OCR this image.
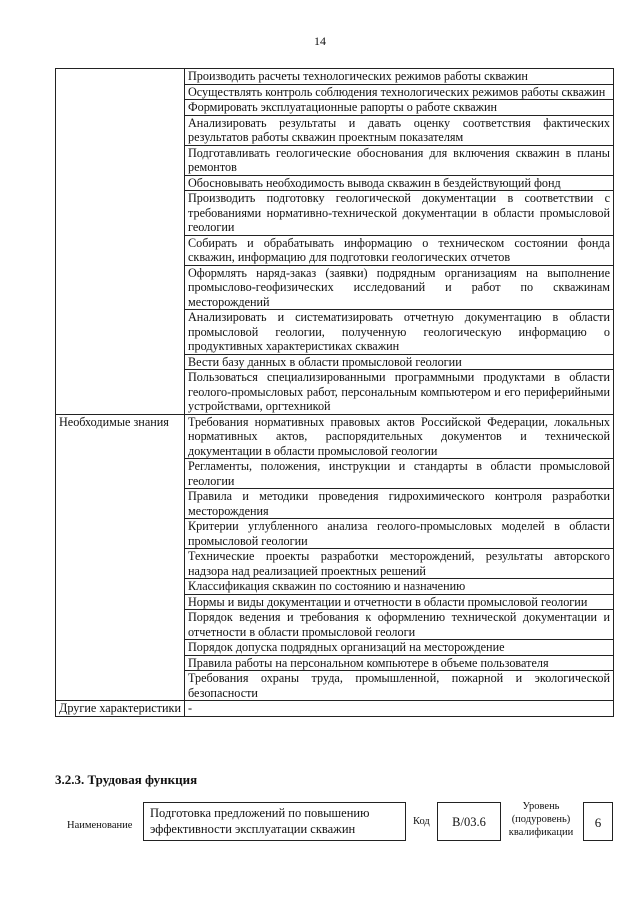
14
	Производить расчеты технологических режимов работы скважин
	Осуществлять контроль соблюдения технологических режимов работы скважин
	Формировать эксплуатационные рапорты о работе скважин
	Анализировать результаты и давать оценку соответствия фактических результатов работы скважин проектным показателям
	Подготавливать геологические обоснования для включения скважин в планы ремонтов
	Обосновывать необходимость вывода скважин в бездействующий фонд
	Производить подготовку геологической документации в соответствии с требованиями нормативно-технической документации в области промысловой геологии
	Собирать и обрабатывать информацию о техническом состоянии фонда скважин, информацию для подготовки геологических отчетов
	Оформлять наряд-заказ (заявки) подрядным организациям на выполнение промыслово-геофизических исследований и работ по скважинам месторождений
	Анализировать и систематизировать отчетную документацию в области промысловой геологии, полученную геологическую информацию о продуктивных характеристиках скважин
	Вести базу данных в области промысловой геологии
	Пользоваться специализированными программными продуктами в области геолого-промысловых работ, персональным компьютером и его периферийными устройствами, оргтехникой
Необходимые знания	Требования нормативных правовых актов Российской Федерации, локальных нормативных актов, распорядительных документов и технической документации в области промысловой геологии
	Регламенты, положения, инструкции и стандарты в области промысловой геологии
	Правила и методики проведения гидрохимического контроля разработки месторождения
	Критерии углубленного анализа геолого-промысловых моделей в области промысловой геологии
	Технические проекты разработки месторождений, результаты авторского надзора над реализацией проектных решений
	Классификация скважин по состоянию и назначению
	Нормы и виды документации и отчетности в области промысловой геологии
	Порядок ведения и требования к оформлению технической документации и отчетности в области промысловой геологи
	Порядок допуска подрядных организаций на месторождение
	Правила работы на персональном компьютере в объеме пользователя
	Требования охраны труда, промышленной, пожарной и экологической безопасности
Другие характеристики	-
3.2.3. Трудовая функция
Наименование
Подготовка предложений по повышению эффективности эксплуатации скважин
Код	B/03.6
Уровень (подуровень) квалификации
6
